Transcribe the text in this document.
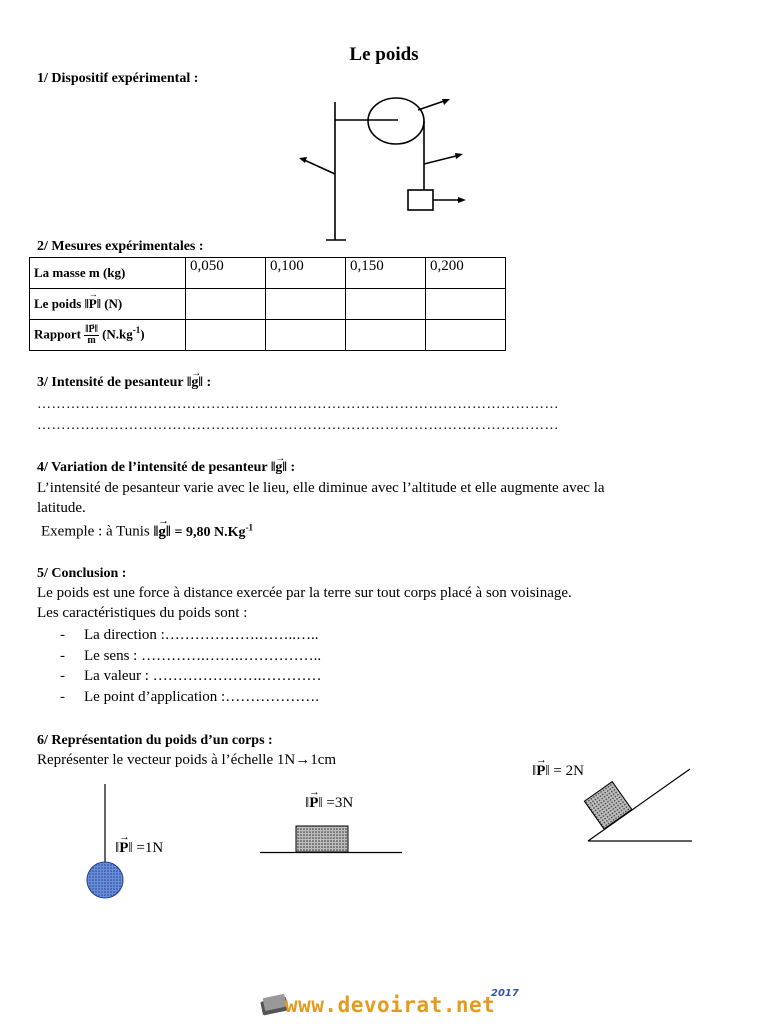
Le poids
1/ Dispositif expérimental :
2/ Mesures expérimentales :
La masse m (kg)	0,050	0,100	0,150	0,200
Le poids ‖→ P‖ (N)				
Rapport $\frac{‖\to P‖}{m} (N.kg^{-1})$				
3/ Intensité de pesanteur ‖→ g‖ :
………………………………………………………………………………………………
………………………………………………………………………………………………
4/ Variation de l’intensité de pesanteur ‖→ g‖ :
L’intensité de pesanteur varie avec le lieu, elle diminue avec l’altitude et elle augmente avec la
latitude.
Exemple : à Tunis ‖→ g‖ = 9,80 $N.Kg^{-1}$
5/ Conclusion :
Le poids est une force à distance exercée par la terre sur tout corps placé à son voisinage.
Les caractéristiques du poids sont :
- La direction :……………….……..…..
- Le sens : ………….…….……………..
- La valeur : ………………….…………
- Le point d’application :……………….
6/ Représentation du poids d’un corps :
Représenter le vecteur poids à l’échelle 1N→1cm
‖→ P‖ =1N
‖→ P‖ =3N
‖→ P‖ = 2N
www.devoirat.net
2017
